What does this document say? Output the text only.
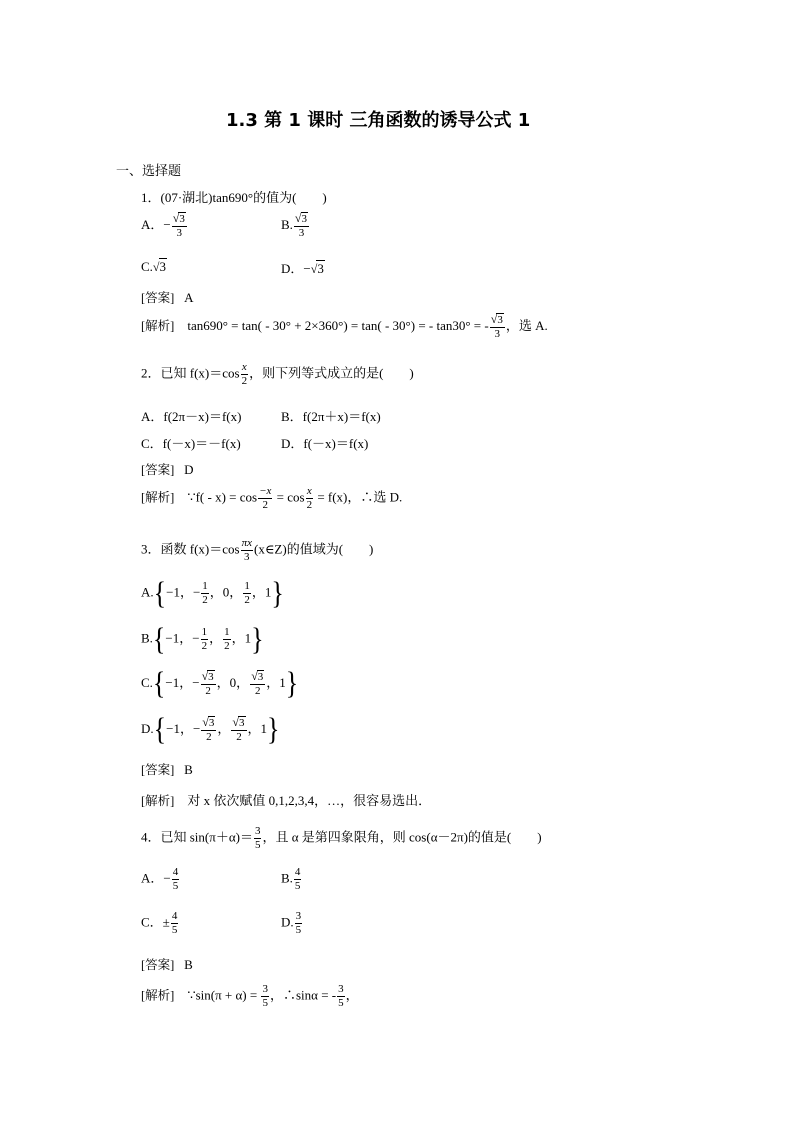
1.3 第 1 课时 三角函数的诱导公式 1
一、选择题
1．(07·湖北)tan690°的值为(　　)
A．− $\frac{√3}{3}$	B. $\frac{√3}{3}$
C.√3	D．−√3
[答案] A
[解析] tan690° = tan( - 30° + 2×360°) = tan( - 30°) = - tan30° = - $\frac{√3}{3}$ ，选 A.
2．已知 $f(x)=\cos \frac{x}{2}$ ，则下列等式成立的是(　　)
A．f(2π－x)＝f(x)	B．f(2π＋x)＝f(x)
C．f(－x)＝－f(x)	D．f(－x)＝f(x)
[答案] D
[解析] ∵f( - $x) = \cos \frac{-x}{2} = \cos \frac{x}{2} = f(x)$，∴选 D.
3．函数 $f(x)=\cos \frac{\pi x}{3}$ (x∈Z)的值域为(　　)
A.{−1，− $\frac{1}{2}$ ，0， $\frac{1}{2}$ ，1}
B.{−1，− $\frac{1}{2}$ ， $\frac{1}{2}$ ，1}
C.{−1，− $\frac{√3}{2}$ ，0， $\frac{√3}{2}$ ，1}
D.{−1，− $\frac{√3}{2}$ ， $\frac{√3}{2}$ ，1}
[答案] B
[解析] 对 x 依次赋值 0,1,2,3,4，…，很容易选出．
4．已知 $\sin(\pi+\alpha)= \frac{3}{5}$ ，且 α 是第四象限角，则 cos(α－2π)的值是(　　)
A．− $\frac{4}{5}$	B. $\frac{4}{5}$
C．± $\frac{4}{5}$	D. $\frac{3}{5}$
[答案] B
[解析] ∵sin(π + $\alpha) = \frac{3}{5}$ ，∴sinα = - $\frac{3}{5}$ ，
